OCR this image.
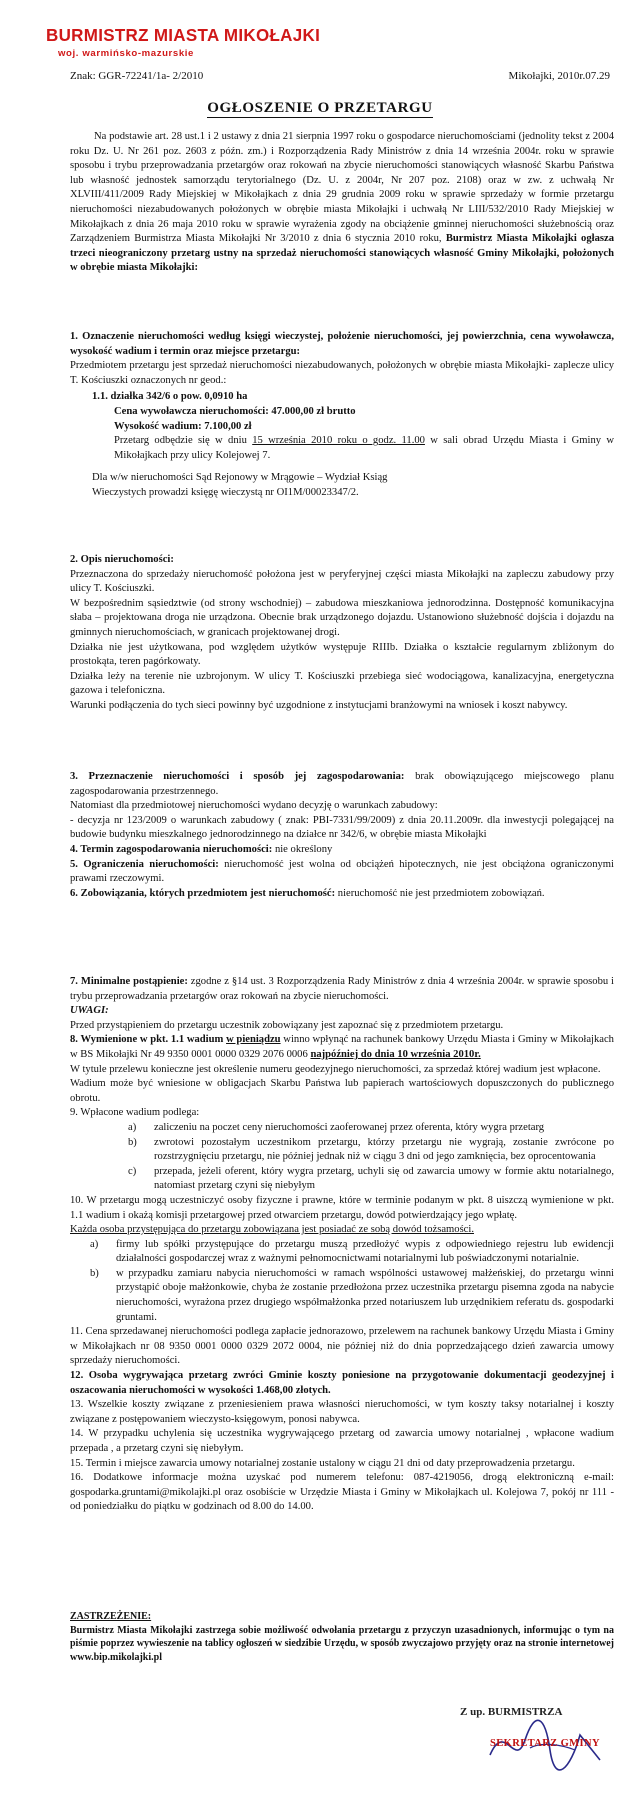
BURMISTRZ MIASTA MIKOŁAJKI
woj. warmińsko-mazurskie
Znak: GGR-72241/1a- 2/2010	Mikołajki, 2010r.07.29
OGŁOSZENIE O PRZETARGU

Na podstawie art. 28 ust.1 i 2 ustawy z dnia 21 sierpnia 1997 roku o gospodarce nieruchomościami (jednolity tekst z 2004 roku Dz. U. Nr 261 poz. 2603 z późn. zm.) i Rozporządzenia Rady Ministrów z dnia 14 września 2004r. roku w sprawie sposobu i trybu przeprowadzania przetargów oraz rokowań na zbycie nieruchomości stanowiących własność Skarbu Państwa lub własność jednostek samorządu terytorialnego (Dz. U. z 2004r, Nr 207 poz. 2108) oraz w zw. z uchwałą Nr XLVIII/411/2009 Rady Miejskiej w Mikołajkach z dnia 29 grudnia 2009 roku w sprawie sprzedaży w formie przetargu nieruchomości niezabudowanych położonych w obrębie miasta Mikołajki i uchwałą Nr LIII/532/2010 Rady Miejskiej w Mikołajkach z dnia 26 maja 2010 roku w sprawie wyrażenia zgody na obciążenie gminnej nieruchomości służebnością oraz Zarządzeniem Burmistrza Miasta Mikołajki Nr 3/2010 z dnia 6 stycznia 2010 roku, Burmistrz Miasta Mikołajki ogłasza trzeci nieograniczony przetarg ustny na sprzedaż nieruchomości stanowiących własność Gminy Mikołajki, położonych w obrębie miasta Mikołajki:

1. Oznaczenie nieruchomości według księgi wieczystej, położenie nieruchomości, jej powierzchnia, cena wywoławcza, wysokość wadium i termin oraz miejsce przetargu:

Przedmiotem przetargu jest sprzedaż nieruchomości niezabudowanych, położonych w obrębie miasta Mikołajki- zaplecze ulicy T. Kościuszki oznaczonych nr geod.:

1.1. działka 342/6 o pow. 0,0910 ha

Cena wywoławcza nieruchomości: 47.000,00 zł brutto

Wysokość wadium: 7.100,00 zł

Przetarg odbędzie się w dniu 15 września 2010 roku o godz. 11.00 w sali obrad Urzędu Miasta i Gminy w Mikołajkach przy ulicy Kolejowej 7.

Dla w/w nieruchomości Sąd Rejonowy w Mrągowie – Wydział Ksiąg Wieczystych prowadzi księgę wieczystą nr OI1M/00023347/2.

2. Opis nieruchomości:

Przeznaczona do sprzedaży nieruchomość położona jest w peryferyjnej części miasta Mikołajki na zapleczu zabudowy przy ulicy T. Kościuszki.

W bezpośrednim sąsiedztwie (od strony wschodniej) – zabudowa mieszkaniowa jednorodzinna. Dostępność komunikacyjna słaba – projektowana droga nie urządzona. Obecnie brak urządzonego dojazdu. Ustanowiono służebność dojścia i dojazdu na gminnych nieruchomościach, w granicach projektowanej drogi.

Działka nie jest użytkowana, pod względem użytków występuje RIIIb. Działka o kształcie regularnym zbliżonym do prostokąta, teren pagórkowaty.

Działka leży na terenie nie uzbrojonym. W ulicy T. Kościuszki przebiega sieć wodociągowa, kanalizacyjna, energetyczna gazowa i telefoniczna.

Warunki podłączenia do tych sieci powinny być uzgodnione z instytucjami branżowymi na wniosek i koszt nabywcy.

3. Przeznaczenie nieruchomości i sposób jej zagospodarowania: brak obowiązującego miejscowego planu zagospodarowania przestrzennego.

Natomiast dla przedmiotowej nieruchomości wydano decyzję o warunkach zabudowy:

- decyzja nr 123/2009 o warunkach zabudowy ( znak: PBI-7331/99/2009) z dnia 20.11.2009r. dla inwestycji polegającej na budowie budynku mieszkalnego jednorodzinnego na działce nr 342/6, w obrębie miasta Mikołajki

4. Termin zagospodarowania nieruchomości: nie określony

5. Ograniczenia nieruchomości: nieruchomość jest wolna od obciążeń hipotecznych, nie jest obciążona ograniczonymi prawami rzeczowymi.

6. Zobowiązania, których przedmiotem jest nieruchomość: nieruchomość nie jest przedmiotem zobowiązań.

7. Minimalne postąpienie: zgodne z §14 ust. 3 Rozporządzenia Rady Ministrów z dnia 4 września 2004r. w sprawie sposobu i trybu przeprowadzania przetargów oraz rokowań na zbycie nieruchomości.

UWAGI:

Przed przystąpieniem do przetargu uczestnik zobowiązany jest zapoznać się z przedmiotem przetargu.

8. Wymienione w pkt. 1.1 wadium w pieniądzu winno wpłynąć na rachunek bankowy Urzędu Miasta i Gminy w Mikołajkach w BS Mikołajki Nr 49 9350 0001 0000 0329 2076 0006 najpóźniej do dnia 10 września 2010r.

W tytule przelewu konieczne jest określenie numeru geodezyjnego nieruchomości, za sprzedaż której wadium jest wpłacone.

Wadium może być wniesione w obligacjach Skarbu Państwa lub papierach wartościowych dopuszczonych do publicznego obrotu.

9. Wpłacone wadium podlega:

a)	zaliczeniu na poczet ceny nieruchomości zaoferowanej przez oferenta, który wygra przetarg
b)	zwrotowi pozostałym uczestnikom przetargu, którzy przetargu nie wygrają, zostanie zwrócone po rozstrzygnięciu przetargu, nie później jednak niż w ciągu 3 dni od jego zamknięcia, bez oprocentowania
c)	przepada, jeżeli oferent, który wygra przetarg, uchyli się od zawarcia umowy w formie aktu notarialnego, natomiast przetarg czyni się niebyłym

10. W przetargu mogą uczestniczyć osoby fizyczne i prawne, które w terminie podanym w pkt. 8 uiszczą wymienione w pkt. 1.1 wadium i okażą komisji przetargowej przed otwarciem przetargu, dowód potwierdzający jego wpłatę.

Każda osoba przystępująca do przetargu zobowiązana jest posiadać ze sobą dowód tożsamości.

a)	firmy lub spółki przystępujące do przetargu muszą przedłożyć wypis z odpowiedniego rejestru lub ewidencji działalności gospodarczej wraz z ważnymi pełnomocnictwami notarialnymi lub poświadczonymi notarialnie.
b)	w przypadku zamiaru nabycia nieruchomości w ramach wspólności ustawowej małżeńskiej, do przetargu winni przystąpić oboje małżonkowie, chyba że zostanie przedłożona przez uczestnika przetargu pisemna zgoda na nabycie nieruchomości, wyrażona przez drugiego współmałżonka przed notariuszem lub urzędnikiem referatu ds. gospodarki gruntami.

11. Cena sprzedawanej nieruchomości podlega zapłacie jednorazowo, przelewem na rachunek bankowy Urzędu Miasta i Gminy w Mikołajkach nr 08 9350 0001 0000 0329 2072 0004, nie później niż do dnia poprzedzającego dzień zawarcia umowy sprzedaży nieruchomości.

12. Osoba wygrywająca przetarg zwróci Gminie koszty poniesione na przygotowanie dokumentacji geodezyjnej i oszacowania nieruchomości w wysokości 1.468,00 złotych.

13. Wszelkie koszty związane z przeniesieniem prawa własności nieruchomości, w tym koszty taksy notarialnej i koszty związane z postępowaniem wieczysto-księgowym, ponosi nabywca.

14. W przypadku uchylenia się uczestnika wygrywającego przetarg od zawarcia umowy notarialnej , wpłacone wadium przepada , a przetarg czyni się niebyłym.

15. Termin i miejsce zawarcia umowy notarialnej zostanie ustalony w ciągu 21 dni od daty przeprowadzenia przetargu.

16. Dodatkowe informacje można uzyskać pod numerem telefonu: 087-4219056, drogą elektroniczną e-mail: gospodarka.gruntami@mikolajki.pl oraz osobiście w Urzędzie Miasta i Gminy w Mikołajkach ul. Kolejowa 7, pokój nr 111 - od poniedziałku do piątku w godzinach od 8.00 do 14.00.

ZASTRZEŻENIE:

Burmistrz Miasta Mikołajki zastrzega sobie możliwość odwołania przetargu z przyczyn uzasadnionych, informując o tym na piśmie poprzez wywieszenie na tablicy ogłoszeń w siedzibie Urzędu, w sposób zwyczajowo przyjęty oraz na stronie internetowej www.bip.mikolajki.pl

Z up. BURMISTRZA
SEKRETARZ GMINY
